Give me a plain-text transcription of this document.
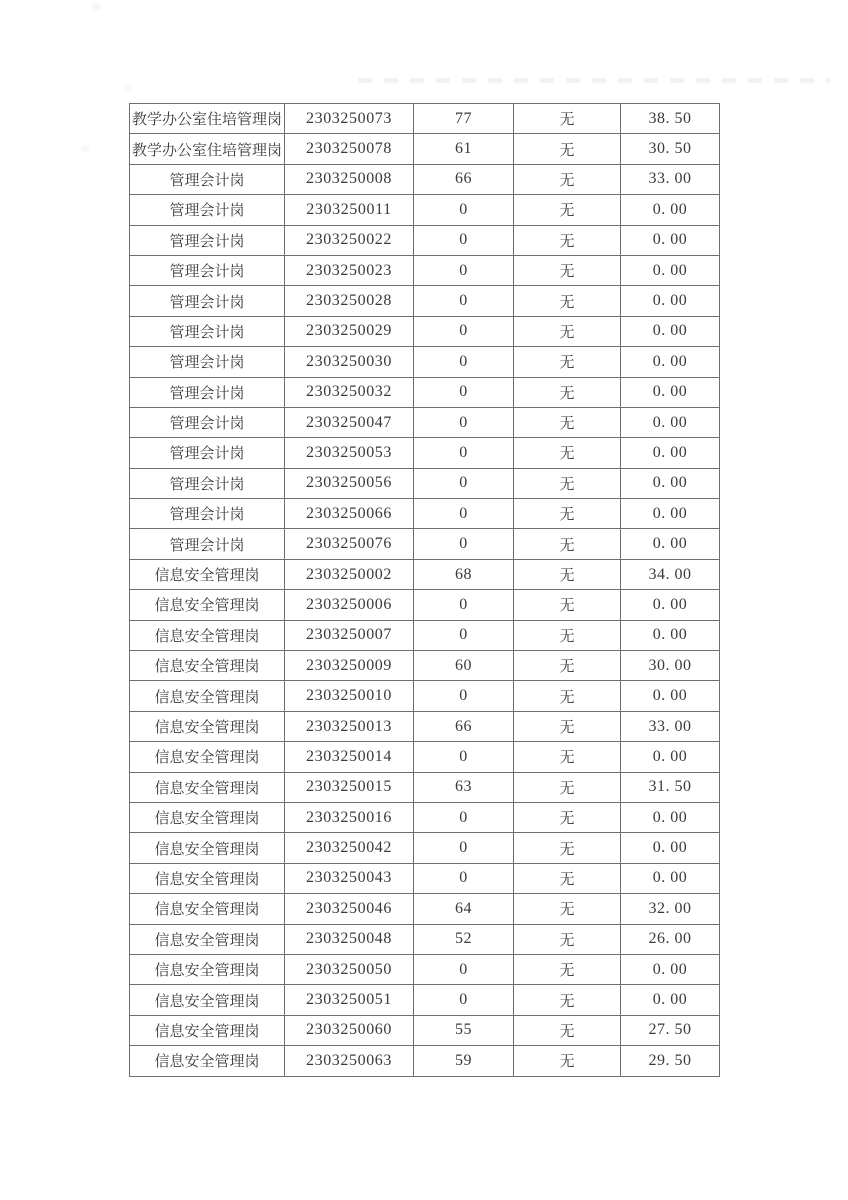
教学办公室住培管理岗	2303250073	77	无	38. 50
教学办公室住培管理岗	2303250078	61	无	30. 50
管理会计岗	2303250008	66	无	33. 00
管理会计岗	2303250011	0	无	0. 00
管理会计岗	2303250022	0	无	0. 00
管理会计岗	2303250023	0	无	0. 00
管理会计岗	2303250028	0	无	0. 00
管理会计岗	2303250029	0	无	0. 00
管理会计岗	2303250030	0	无	0. 00
管理会计岗	2303250032	0	无	0. 00
管理会计岗	2303250047	0	无	0. 00
管理会计岗	2303250053	0	无	0. 00
管理会计岗	2303250056	0	无	0. 00
管理会计岗	2303250066	0	无	0. 00
管理会计岗	2303250076	0	无	0. 00
信息安全管理岗	2303250002	68	无	34. 00
信息安全管理岗	2303250006	0	无	0. 00
信息安全管理岗	2303250007	0	无	0. 00
信息安全管理岗	2303250009	60	无	30. 00
信息安全管理岗	2303250010	0	无	0. 00
信息安全管理岗	2303250013	66	无	33. 00
信息安全管理岗	2303250014	0	无	0. 00
信息安全管理岗	2303250015	63	无	31. 50
信息安全管理岗	2303250016	0	无	0. 00
信息安全管理岗	2303250042	0	无	0. 00
信息安全管理岗	2303250043	0	无	0. 00
信息安全管理岗	2303250046	64	无	32. 00
信息安全管理岗	2303250048	52	无	26. 00
信息安全管理岗	2303250050	0	无	0. 00
信息安全管理岗	2303250051	0	无	0. 00
信息安全管理岗	2303250060	55	无	27. 50
信息安全管理岗	2303250063	59	无	29. 50
